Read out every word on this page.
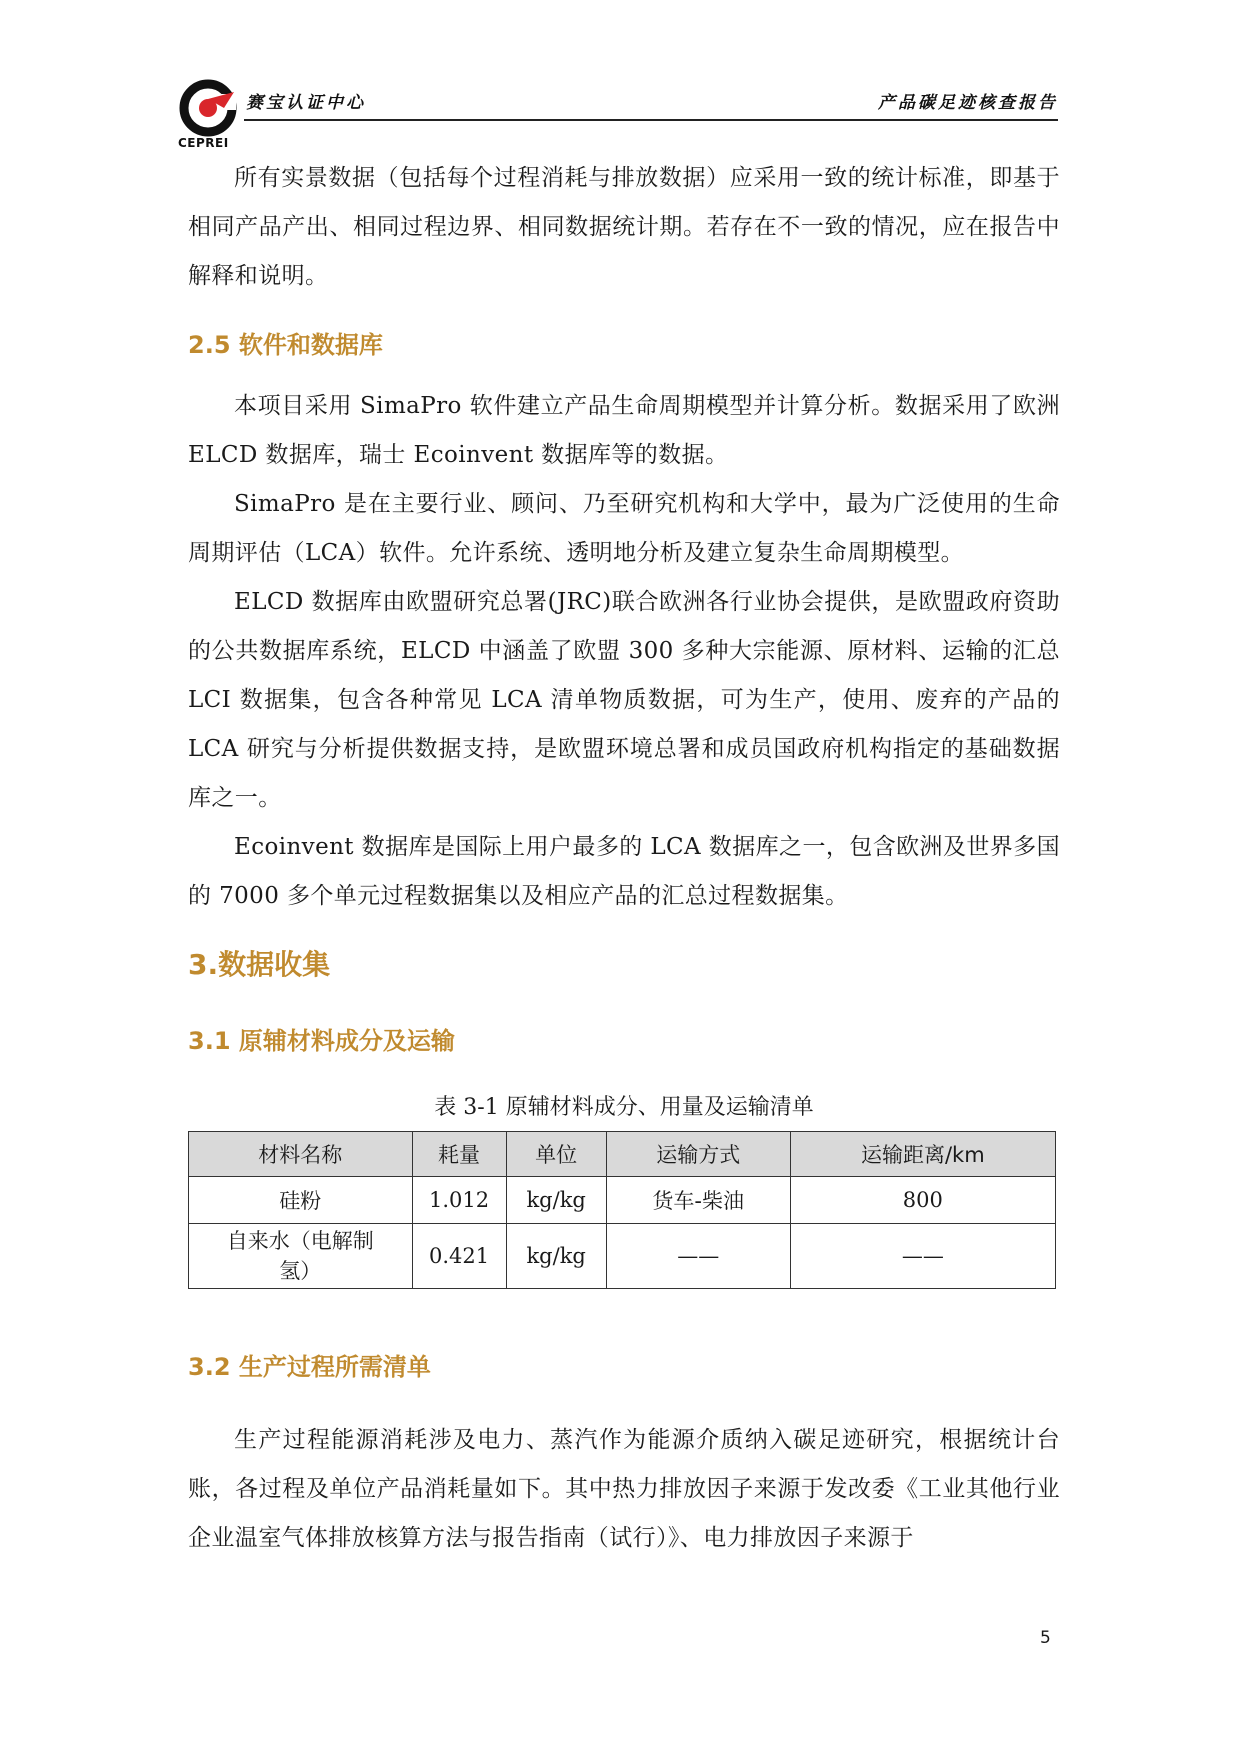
CEPREI
赛宝认证中心	产品碳足迹核查报告

所有实景数据（包括每个过程消耗与排放数据）应采用一致的统计标准，即基于相同产品产出、相同过程边界、相同数据统计期。若存在不一致的情况，应在报告中解释和说明。

2.5 软件和数据库

本项目采用 SimaPro 软件建立产品生命周期模型并计算分析。数据采用了欧洲 ELCD 数据库，瑞士 Ecoinvent 数据库等的数据。

SimaPro 是在主要行业、顾问、乃至研究机构和大学中，最为广泛使用的生命周期评估（LCA）软件。允许系统、透明地分析及建立复杂生命周期模型。

ELCD 数据库由欧盟研究总署(JRC)联合欧洲各行业协会提供，是欧盟政府资助的公共数据库系统，ELCD 中涵盖了欧盟 300 多种大宗能源、原材料、运输的汇总 LCI 数据集，包含各种常见 LCA 清单物质数据，可为生产，使用、废弃的产品的 LCA 研究与分析提供数据支持，是欧盟环境总署和成员国政府机构指定的基础数据库之一。

Ecoinvent 数据库是国际上用户最多的 LCA 数据库之一，包含欧洲及世界多国的 7000 多个单元过程数据集以及相应产品的汇总过程数据集。

3.数据收集
3.1 原辅材料成分及运输

表 3-1 原辅材料成分、用量及运输清单

材料名称	耗量	单位	运输方式	运输距离/km
硅粉	1.012	kg/kg	货车-柴油	800
自来水（电解制氢）	0.421	kg/kg	——	——
3.2 生产过程所需清单

生产过程能源消耗涉及电力、蒸汽作为能源介质纳入碳足迹研究，根据统计台账，各过程及单位产品消耗量如下。其中热力排放因子来源于发改委《工业其他行业企业温室气体排放核算方法与报告指南（试行）》、电力排放因子来源于

5
